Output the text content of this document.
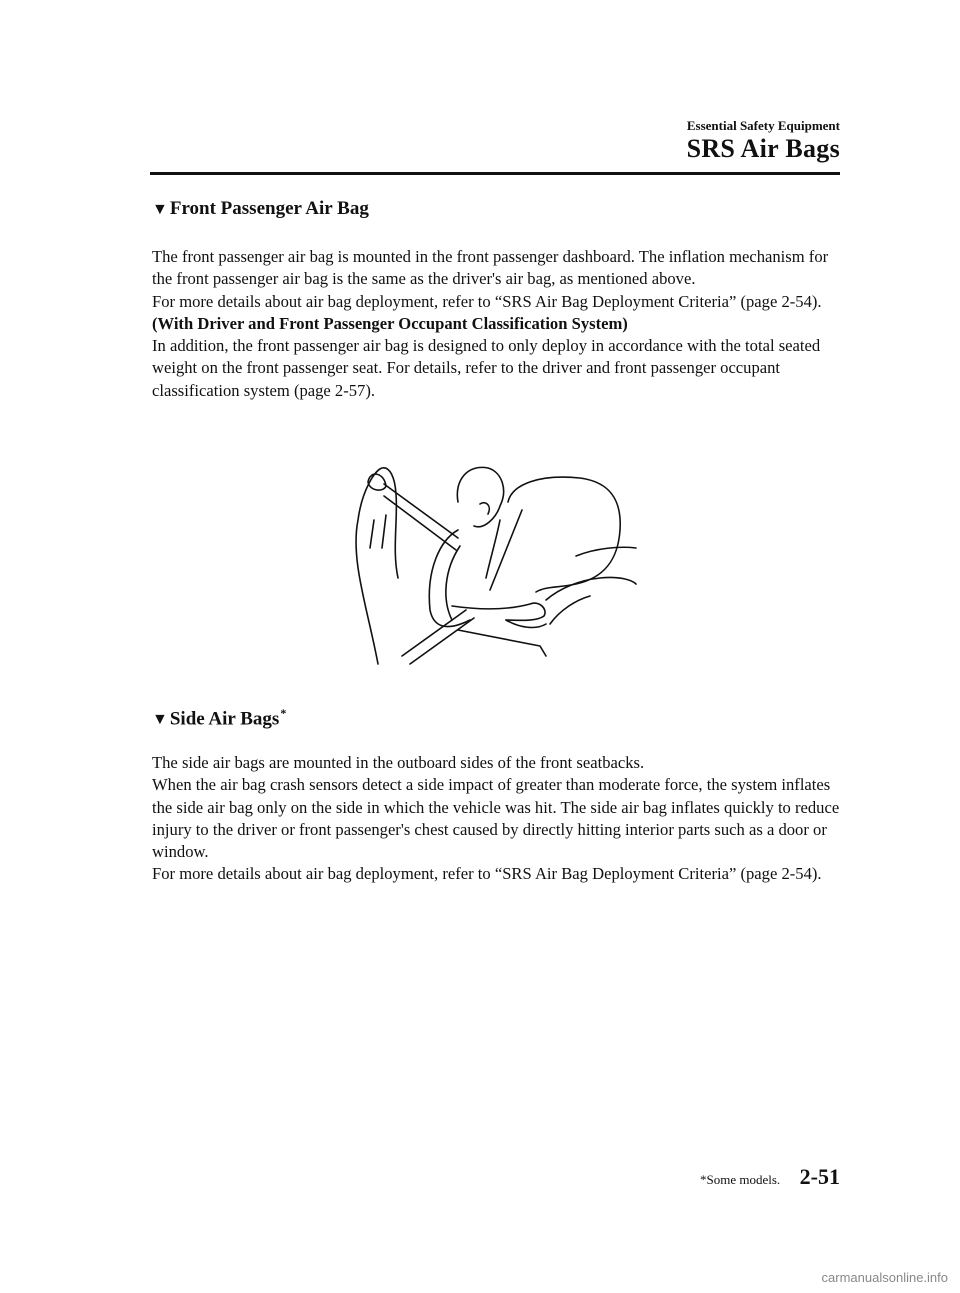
Essential Safety Equipment
SRS Air Bags
▼ Front Passenger Air Bag

The front passenger air bag is mounted in the front passenger dashboard. The inflation mechanism for the front passenger air bag is the same as the driver's air bag, as mentioned above.

For more details about air bag deployment, refer to “SRS Air Bag Deployment Criteria” (page 2-54).

(With Driver and Front Passenger Occupant Classification System)

In addition, the front passenger air bag is designed to only deploy in accordance with the total seated weight on the front passenger seat. For details, refer to the driver and front passenger occupant classification system (page 2-57).

▼ Side Air Bags*

The side air bags are mounted in the outboard sides of the front seatbacks.

When the air bag crash sensors detect a side impact of greater than moderate force, the system inflates the side air bag only on the side in which the vehicle was hit. The side air bag inflates quickly to reduce injury to the driver or front passenger's chest caused by directly hitting interior parts such as a door or window.

For more details about air bag deployment, refer to “SRS Air Bag Deployment Criteria” (page 2-54).

*Some models. 2-51
carmanualsonline.info
